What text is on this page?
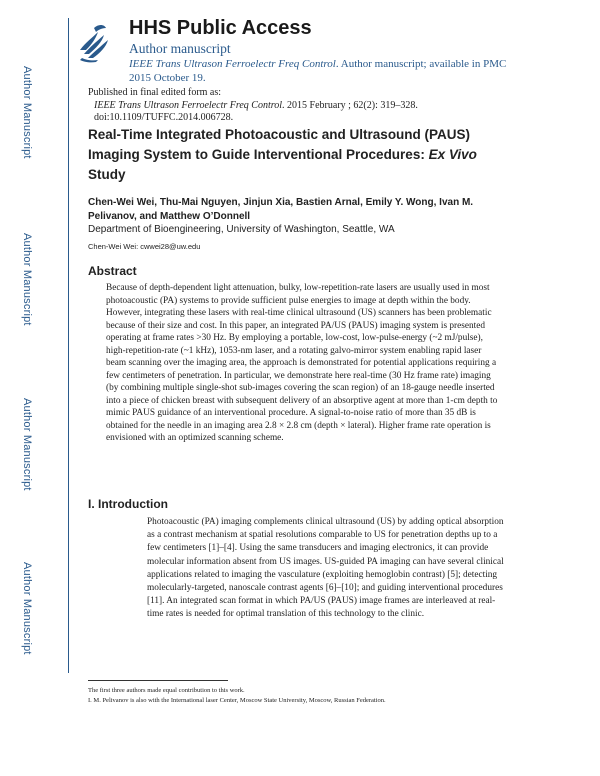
Author Manuscript
Author Manuscript
Author Manuscript
Author Manuscript
HHS Public Access
Author manuscript
IEEE Trans Ultrason Ferroelectr Freq Control. Author manuscript; available in PMC 2015 October 19.
Published in final edited form as:
IEEE Trans Ultrason Ferroelectr Freq Control. 2015 February ; 62(2): 319–328. doi:10.1109/TUFFC.2014.006728.
Real-Time Integrated Photoacoustic and Ultrasound (PAUS) Imaging System to Guide Interventional Procedures: Ex Vivo Study
Chen-Wei Wei, Thu-Mai Nguyen, Jinjun Xia, Bastien Arnal, Emily Y. Wong, Ivan M. Pelivanov, and Matthew O’Donnell
Department of Bioengineering, University of Washington, Seattle, WA
Chen-Wei Wei: cwwei28@uw.edu
Abstract

Because of depth-dependent light attenuation, bulky, low-repetition-rate lasers are usually used in most photoacoustic (PA) systems to provide sufficient pulse energies to image at depth within the body. However, integrating these lasers with real-time clinical ultrasound (US) scanners has been problematic because of their size and cost. In this paper, an integrated PA/US (PAUS) imaging system is presented operating at frame rates >30 Hz. By employing a portable, low-cost, low-pulse-energy (~2 mJ/pulse), high-repetition-rate (~1 kHz), 1053-nm laser, and a rotating galvo-mirror system enabling rapid laser beam scanning over the imaging area, the approach is demonstrated for potential applications requiring a few centimeters of penetration. In particular, we demonstrate here real-time (30 Hz frame rate) imaging (by combining multiple single-shot sub-images covering the scan region) of an 18-gauge needle inserted into a piece of chicken breast with subsequent delivery of an absorptive agent at more than 1-cm depth to mimic PAUS guidance of an interventional procedure. A signal-to-noise ratio of more than 35 dB is obtained for the needle in an imaging area 2.8 × 2.8 cm (depth × lateral). Higher frame rate operation is envisioned with an optimized scanning scheme.

I. Introduction

Photoacoustic (PA) imaging complements clinical ultrasound (US) by adding optical absorption as a contrast mechanism at spatial resolutions comparable to US for penetration depths up to a few centimeters [1]–[4]. Using the same transducers and imaging electronics, it can provide molecular information absent from US images. US-guided PA imaging can have several clinical applications related to imaging the vasculature (exploiting hemoglobin contrast) [5]; detecting molecularly-targeted, nanoscale contrast agents [6]–[10]; and guiding interventional procedures [11]. An integrated scan format in which PA/US (PAUS) image frames are interleaved at real-time rates is needed for optimal translation of this technology to the clinic.

The first three authors made equal contribution to this work.
I. M. Pelivanov is also with the International laser Center, Moscow State University, Moscow, Russian Federation.
